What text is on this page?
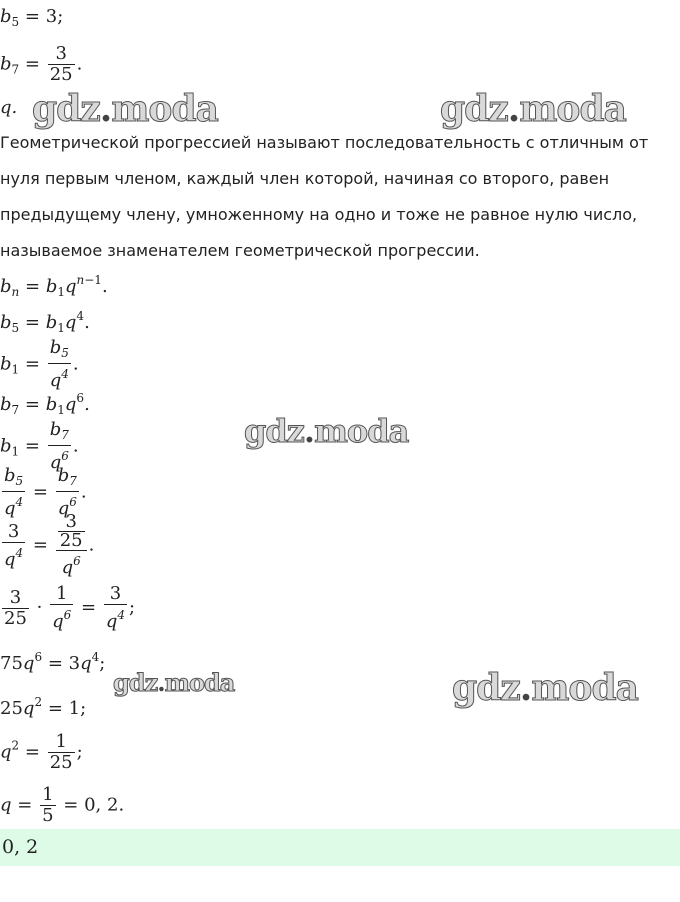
$b_5 = 3$;
$b_7 = \frac{3}{25}$ .
q.
Геометрической прогрессией называют последовательность с отличным от
нуля первым членом, каждый член которой, начиная со второго, равен
предыдущему члену, умноженному на одно и тоже не равное нулю число,
называемое знаменателем геометрической прогрессии.
$b_n = b_1q^{n-1}$.
$b_5 = b_1q^4$.
$b_1 = \frac{b_5}{q^4}$ .
$b_7 = b_1q^6$.
$b_1 = \frac{b_7}{q^6}$ .
$\frac{b_5}{q^4} = \frac{b_7}{q^6}$ .
$\frac{3}{q^4} = \frac{\frac{3}{25}}{q^6}$ .
$\frac{3}{25} \cdot \frac{1}{q^6} = \frac{3}{q^4}$ ;
$75q^6 = 3q^4$;
$25q^2 = 1$;
$q^2 = \frac{1}{25}$ ;
$q = \frac{1}{5} = 0$, 2.
0, 2
gdz.moda	gdz.moda
gdz.moda
gdz.moda	gdz.moda
